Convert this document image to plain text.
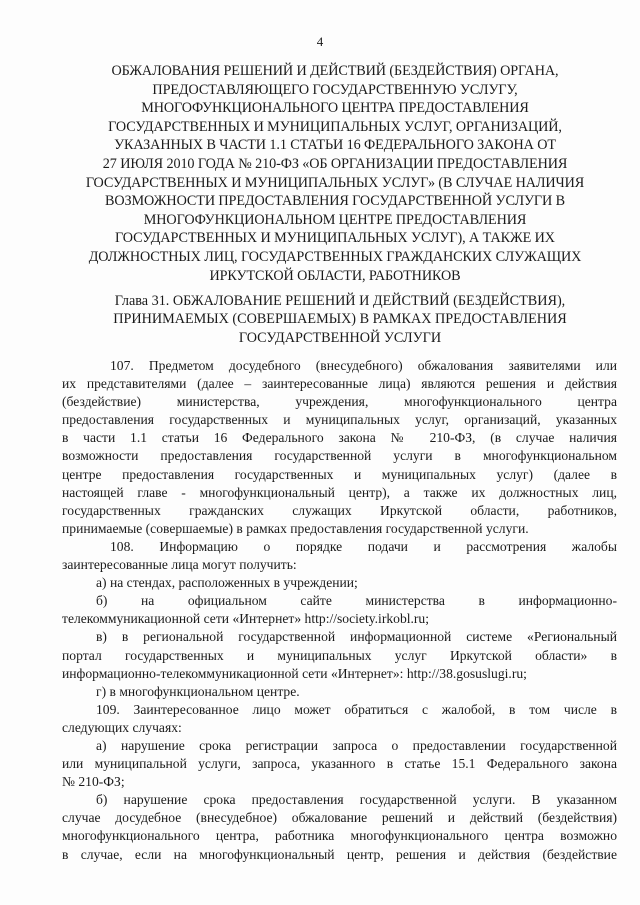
4
ОБЖАЛОВАНИЯ РЕШЕНИЙ И ДЕЙСТВИЙ (БЕЗДЕЙСТВИЯ) ОРГАНА,
ПРЕДОСТАВЛЯЮЩЕГО ГОСУДАРСТВЕННУЮ УСЛУГУ,
МНОГОФУНКЦИОНАЛЬНОГО ЦЕНТРА ПРЕДОСТАВЛЕНИЯ
ГОСУДАРСТВЕННЫХ И МУНИЦИПАЛЬНЫХ УСЛУГ, ОРГАНИЗАЦИЙ,
УКАЗАННЫХ В ЧАСТИ 1.1 СТАТЬИ 16 ФЕДЕРАЛЬНОГО ЗАКОНА ОТ
27 ИЮЛЯ 2010 ГОДА № 210-ФЗ «ОБ ОРГАНИЗАЦИИ ПРЕДОСТАВЛЕНИЯ
ГОСУДАРСТВЕННЫХ И МУНИЦИПАЛЬНЫХ УСЛУГ» (В СЛУЧАЕ НАЛИЧИЯ
ВОЗМОЖНОСТИ ПРЕДОСТАВЛЕНИЯ ГОСУДАРСТВЕННОЙ УСЛУГИ В
МНОГОФУНКЦИОНАЛЬНОМ ЦЕНТРЕ ПРЕДОСТАВЛЕНИЯ
ГОСУДАРСТВЕННЫХ И МУНИЦИПАЛЬНЫХ УСЛУГ), А ТАКЖЕ ИХ
ДОЛЖНОСТНЫХ ЛИЦ, ГОСУДАРСТВЕННЫХ ГРАЖДАНСКИХ СЛУЖАЩИХ
ИРКУТСКОЙ ОБЛАСТИ, РАБОТНИКОВ
Глава 31. ОБЖАЛОВАНИЕ РЕШЕНИЙ И ДЕЙСТВИЙ (БЕЗДЕЙСТВИЯ),
ПРИНИМАЕМЫХ (СОВЕРШАЕМЫХ) В РАМКАХ ПРЕДОСТАВЛЕНИЯ
ГОСУДАРСТВЕННОЙ УСЛУГИ
107. Предметом досудебного (внесудебного) обжалования заявителями или
их представителями (далее – заинтересованные лица) являются решения и действия
(бездействие) министерства, учреждения, многофункционального центра
предоставления государственных и муниципальных услуг, организаций, указанных
в части 1.1 статьи 16 Федерального закона № 210-ФЗ, (в случае наличия
возможности предоставления государственной услуги в многофункциональном
центре предоставления государственных и муниципальных услуг) (далее в
настоящей главе - многофункциональный центр), а также их должностных лиц,
государственных гражданских служащих Иркутской области, работников,
принимаемые (совершаемые) в рамках предоставления государственной услуги.
108. Информацию о порядке подачи и рассмотрения жалобы
заинтересованные лица могут получить:
а) на стендах, расположенных в учреждении;
б) на официальном сайте министерства в информационно-
телекоммуникационной сети «Интернет» http://society.irkobl.ru;
в) в региональной государственной информационной системе «Региональный
портал государственных и муниципальных услуг Иркутской области» в
информационно-телекоммуникационной сети «Интернет»: http://38.gosuslugi.ru;
г) в многофункциональном центре.
109. Заинтересованное лицо может обратиться с жалобой, в том числе в
следующих случаях:
а) нарушение срока регистрации запроса о предоставлении государственной
или муниципальной услуги, запроса, указанного в статье 15.1 Федерального закона
№ 210-ФЗ;
б) нарушение срока предоставления государственной услуги. В указанном
случае досудебное (внесудебное) обжалование решений и действий (бездействия)
многофункционального центра, работника многофункционального центра возможно
в случае, если на многофункциональный центр, решения и действия (бездействие
